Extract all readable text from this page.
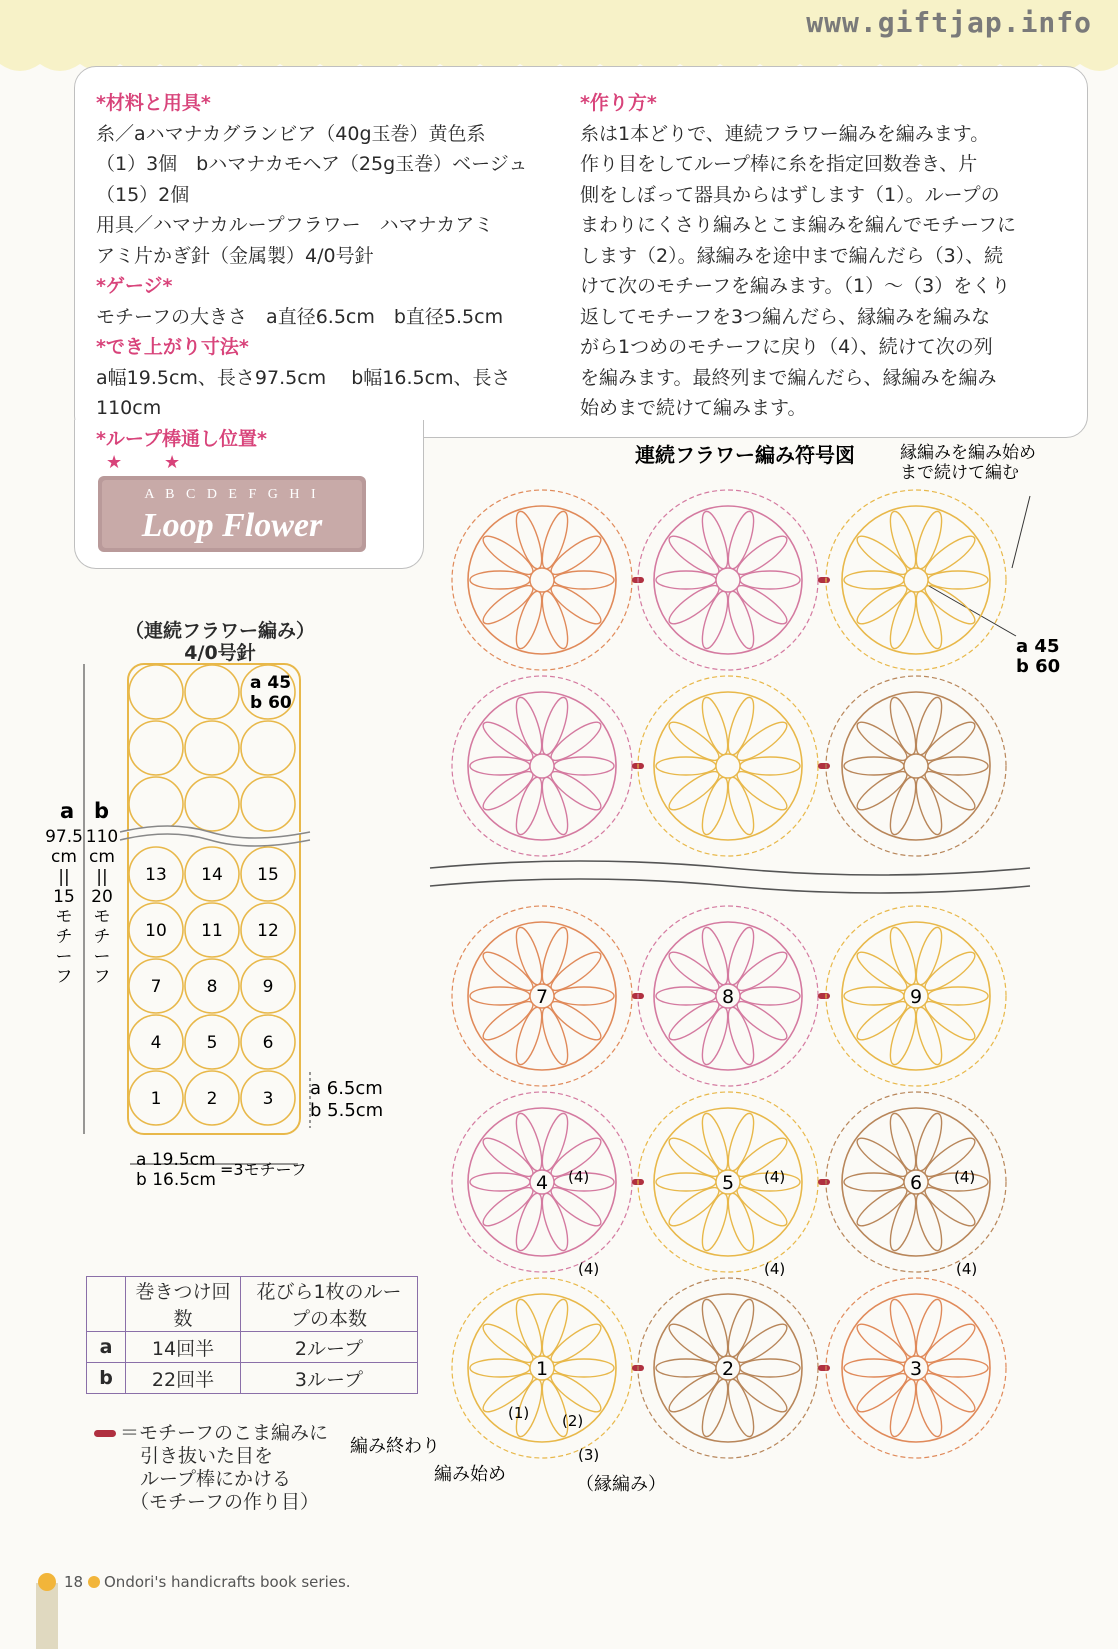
www.giftjap.info

*材料と用具*

糸／aハマナカグランビア（40g玉巻）黄色系

（1）3個　bハマナカモヘア（25g玉巻）ベージュ

（15）2個

用具／ハマナカループフラワー　ハマナカアミ

アミ片かぎ針（金属製）4/0号針

*ゲージ*

モチーフの大きさ　a直径6.5cm　b直径5.5cm

*でき上がり寸法*

a幅19.5cm、長さ97.5cm　 b幅16.5cm、長さ

110cm

*ループ棒通し位置*

★ ★
A B C D E F G H I
Loop Flower

*作り方*

糸は1本どりで、連続フラワー編みを編みます。

作り目をしてループ棒に糸を指定回数巻き、片

側をしぼって器具からはずします（1）。ループの

まわりにくさり編みとこま編みを編んでモチーフに

します（2）。縁編みを途中まで編んだら（3）、続

けて次のモチーフを編みます。（1）～（3）をくり

返してモチーフを3つ編んだら、縁編みを編みな

がら1つめのモチーフに戻り（4）、続けて次の列

を編みます。最終列まで編んだら、縁編みを編み

始めまで続けて編みます。

（連続フラワー編み）
4/0号針
13 14 15
10 11 12
7	8	9
4	5	6
1	2	3
a 45
b 60
a b
97.5
cm
||
15
モ
チ
ー
フ
110
cm
||
20
モ
チ
ー
フ
a 6.5cm
b 5.5cm
a 19.5cm
b 16.5cm
=3モチーフ
	巻きつけ回数	花びら1枚のループの本数
a	14回半	2ループ
b	22回半	3ループ
＝モチーフのこま編みに
引き抜いた目を
ループ棒にかける
（モチーフの作り目）
連続フラワー編み符号図	縁編みを編み始め
まで続けて編む
a 45
b 60
7	8	9
4	5	6
1	2	3
(4)	(4)	(4)
(4)	(4)	(4)
(1) (2)
(3)
編み終わり
編み始め	（縁編み）
18 Ondori's handicrafts book series.
